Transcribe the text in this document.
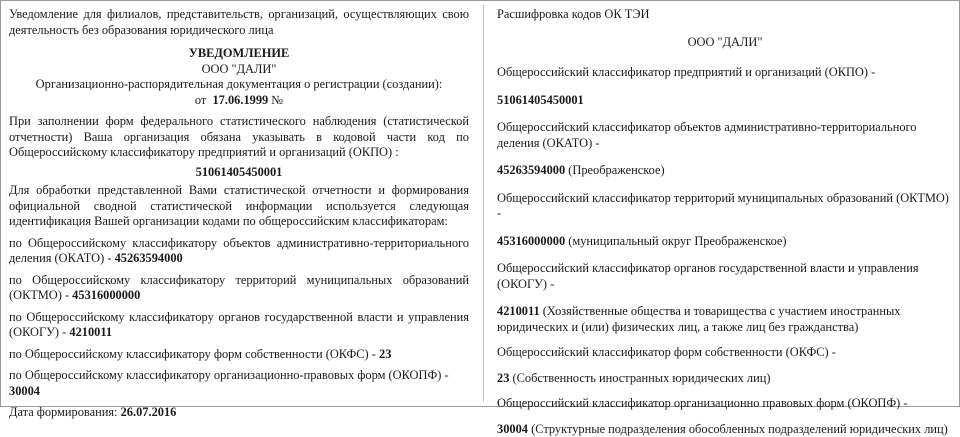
Уведомление для филиалов, представительств, организаций, осуществляющих свою деятельность без образования юридического лица

УВЕДОМЛЕНИЕ

ООО "ДАЛИ"

Организационно-распорядительная документация о регистрации (создании):

от 17.06.1999 №

При заполнении форм федерального статистического наблюдения (статистической отчетности) Ваша организация обязана указывать в кодовой части код по Общероссийскому классификатору предприятий и организаций (ОКПО) :

51061405450001

Для обработки представленной Вами статистической отчетности и формирования официальной сводной статистической информации используется следующая идентификация Вашей организации кодами по общероссийским классификаторам:

по Общероссийскому классификатору объектов административно-территориального деления (ОКАТО) - 45263594000

по Общероссийскому классификатору территорий муниципальных образований (ОКТМО) - 45316000000

по Общероссийскому классификатору органов государственной власти и управления (ОКОГУ) - 4210011

по Общероссийскому классификатору форм собственности (ОКФС) - 23

по Общероссийскому классификатору организационно-правовых форм (ОКОПФ) - 30004

Дата формирования: 26.07.2016

Расшифровка кодов ОК ТЭИ

ООО "ДАЛИ"

Общероссийский классификатор предприятий и организаций (ОКПО) -

51061405450001

Общероссийский классификатор объектов административно-территориального деления (ОКАТО) -

45263594000 (Преображенское)

Общероссийский классификатор территорий муниципальных образований (ОКТМО) -

45316000000 (муниципальный округ Преображенское)

Общероссийский классификатор органов государственной власти и управления (ОКОГУ) -

4210011 (Хозяйственные общества и товарищества с участием иностранных юридических и (или) физических лиц, а также лиц без гражданства)

Общероссийский классификатор форм собственности (ОКФС) -

23 (Собственность иностранных юридических лиц)

Общероссийский классификатор организационно правовых форм (ОКОПФ) -

30004 (Структурные подразделения обособленных подразделений юридических лиц)
